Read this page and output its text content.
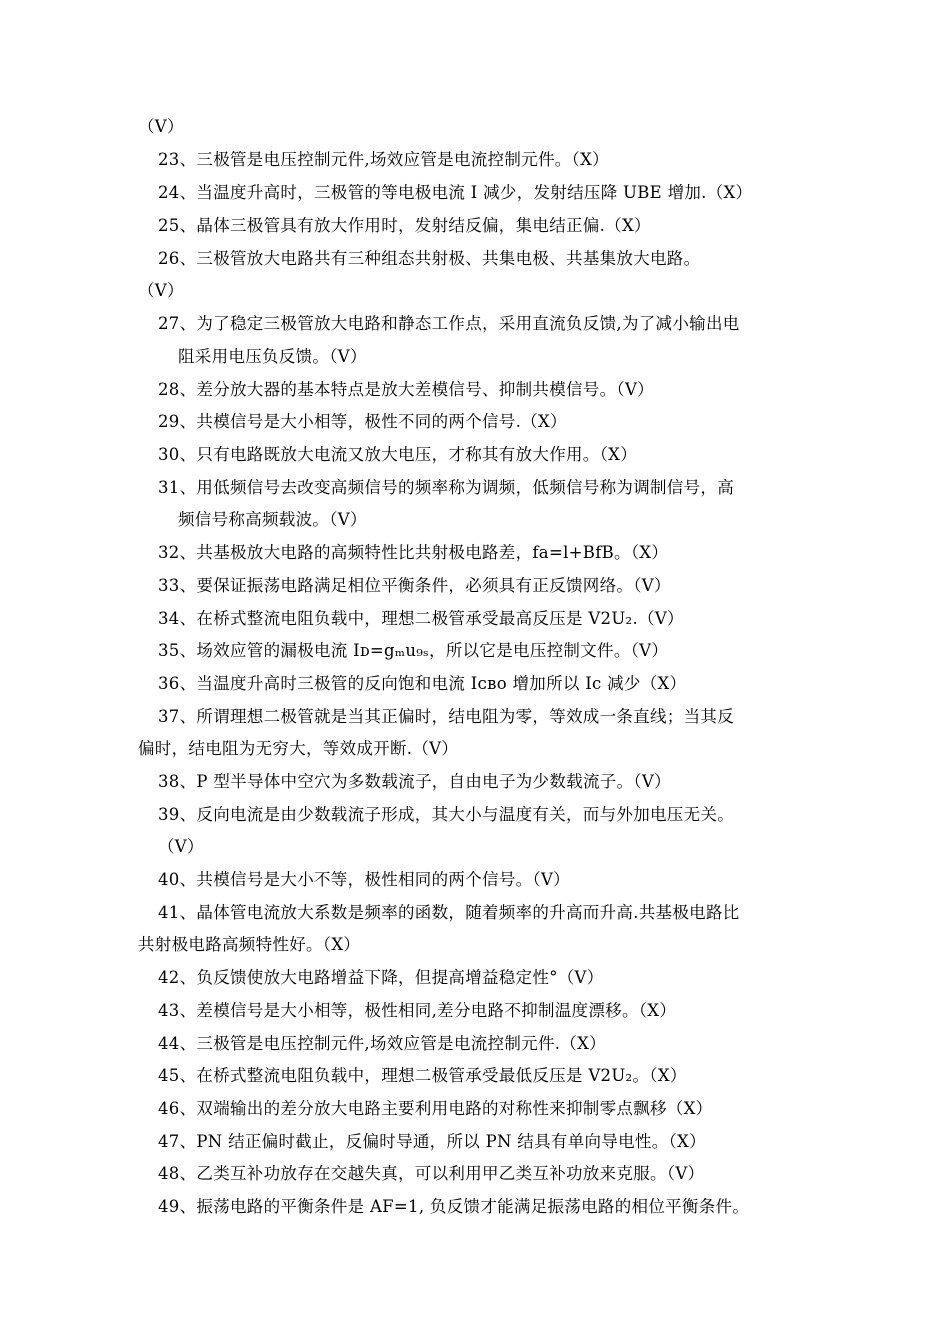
（V）
23、三极管是电压控制元件,场效应管是电流控制元件。（X）
24、当温度升高时，三极管的等电极电流 I 减少，发射结压降 UBE 增加.（X）
25、晶体三极管具有放大作用时，发射结反偏，集电结正偏.（X）
26、三极管放大电路共有三种组态共射极、共集电极、共基集放大电路。
（V）
27、为了稳定三极管放大电路和静态工作点，采用直流负反馈,为了减小输出电
阻采用电压负反馈。（V）
28、差分放大器的基本特点是放大差模信号、抑制共模信号。（V）
29、共模信号是大小相等，极性不同的两个信号.（X）
30、只有电路既放大电流又放大电压，才称其有放大作用。（X）
31、用低频信号去改变高频信号的频率称为调频，低频信号称为调制信号，高
频信号称高频载波。（V）
32、共基极放大电路的高频特性比共射极电路差，fa=l+BfB。（X）
33、要保证振荡电路满足相位平衡条件，必须具有正反馈网络。（V）
34、在桥式整流电阻负载中，理想二极管承受最高反压是 V2U₂.（V）
35、场效应管的漏极电流 Iᴅ=gₘu₉ₛ，所以它是电压控制文件。（V）
36、当温度升高时三极管的反向饱和电流 Iᴄʙᴏ 增加所以 Ic 减少（X）
37、所谓理想二极管就是当其正偏时，结电阻为零，等效成一条直线；当其反
偏时，结电阻为无穷大，等效成开断.（V）
38、P 型半导体中空穴为多数载流子，自由电子为少数载流子。（V）
39、反向电流是由少数载流子形成，其大小与温度有关，而与外加电压无关。
（V）
40、共模信号是大小不等，极性相同的两个信号。（V）
41、晶体管电流放大系数是频率的函数，随着频率的升高而升高.共基极电路比
共射极电路高频特性好。（X）
42、负反馈使放大电路增益下降，但提高增益稳定性°（V）
43、差模信号是大小相等，极性相同,差分电路不抑制温度漂移。（X）
44、三极管是电压控制元件,场效应管是电流控制元件.（X）
45、在桥式整流电阻负载中，理想二极管承受最低反压是 V2U₂。（X）
46、双端输出的差分放大电路主要利用电路的对称性来抑制零点飘移（X）
47、PN 结正偏时截止，反偏时导通，所以 PN 结具有单向导电性。（X）
48、乙类互补功放存在交越失真，可以利用甲乙类互补功放来克服。（V）
49、振荡电路的平衡条件是 AF=1, 负反馈才能满足振荡电路的相位平衡条件。
